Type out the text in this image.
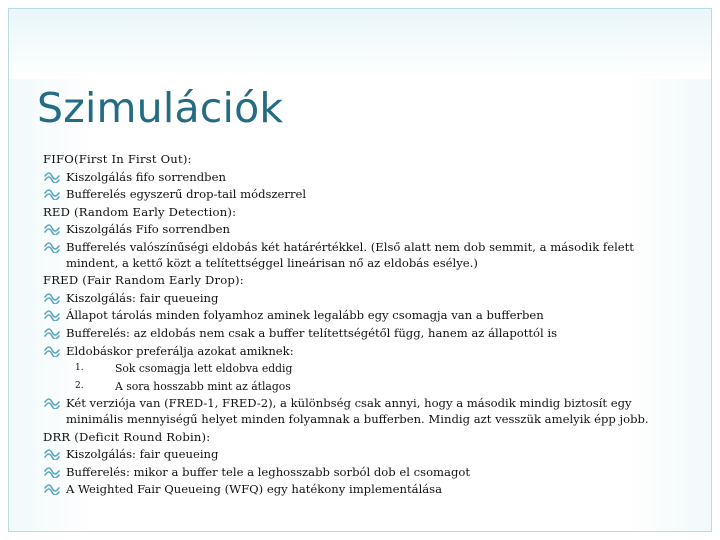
Szimulációk

FIFO(First In First Out):

Kiszolgálás fifo sorrendben
Bufferelés egyszerű drop-tail módszerrel

RED (Random Early Detection):

Kiszolgálás Fifo sorrendben
Bufferelés valószínűségi eldobás két határértékkel. (Első alatt nem dob semmit, a második felett mindent, a kettő közt a telítettséggel lineárisan nő az eldobás esélye.)

FRED (Fair Random Early Drop):

Kiszolgálás: fair queueing
Állapot tárolás minden folyamhoz aminek legalább egy csomagja van a bufferben
Bufferelés: az eldobás nem csak a buffer telítettségétől függ, hanem az állapottól is
Eldobáskor preferálja azokat amiknek:
1.	Sok csomagja lett eldobva eddig
2.	A sora hosszabb mint az átlagos
Két verziója van (FRED-1, FRED-2), a különbség csak annyi, hogy a második mindig biztosít egy minimális mennyiségű helyet minden folyamnak a bufferben. Mindig azt vesszük amelyik épp jobb.

DRR (Deficit Round Robin):

Kiszolgálás: fair queueing
Bufferelés: mikor a buffer tele a leghosszabb sorból dob el csomagot
A Weighted Fair Queueing (WFQ) egy hatékony implementálása
